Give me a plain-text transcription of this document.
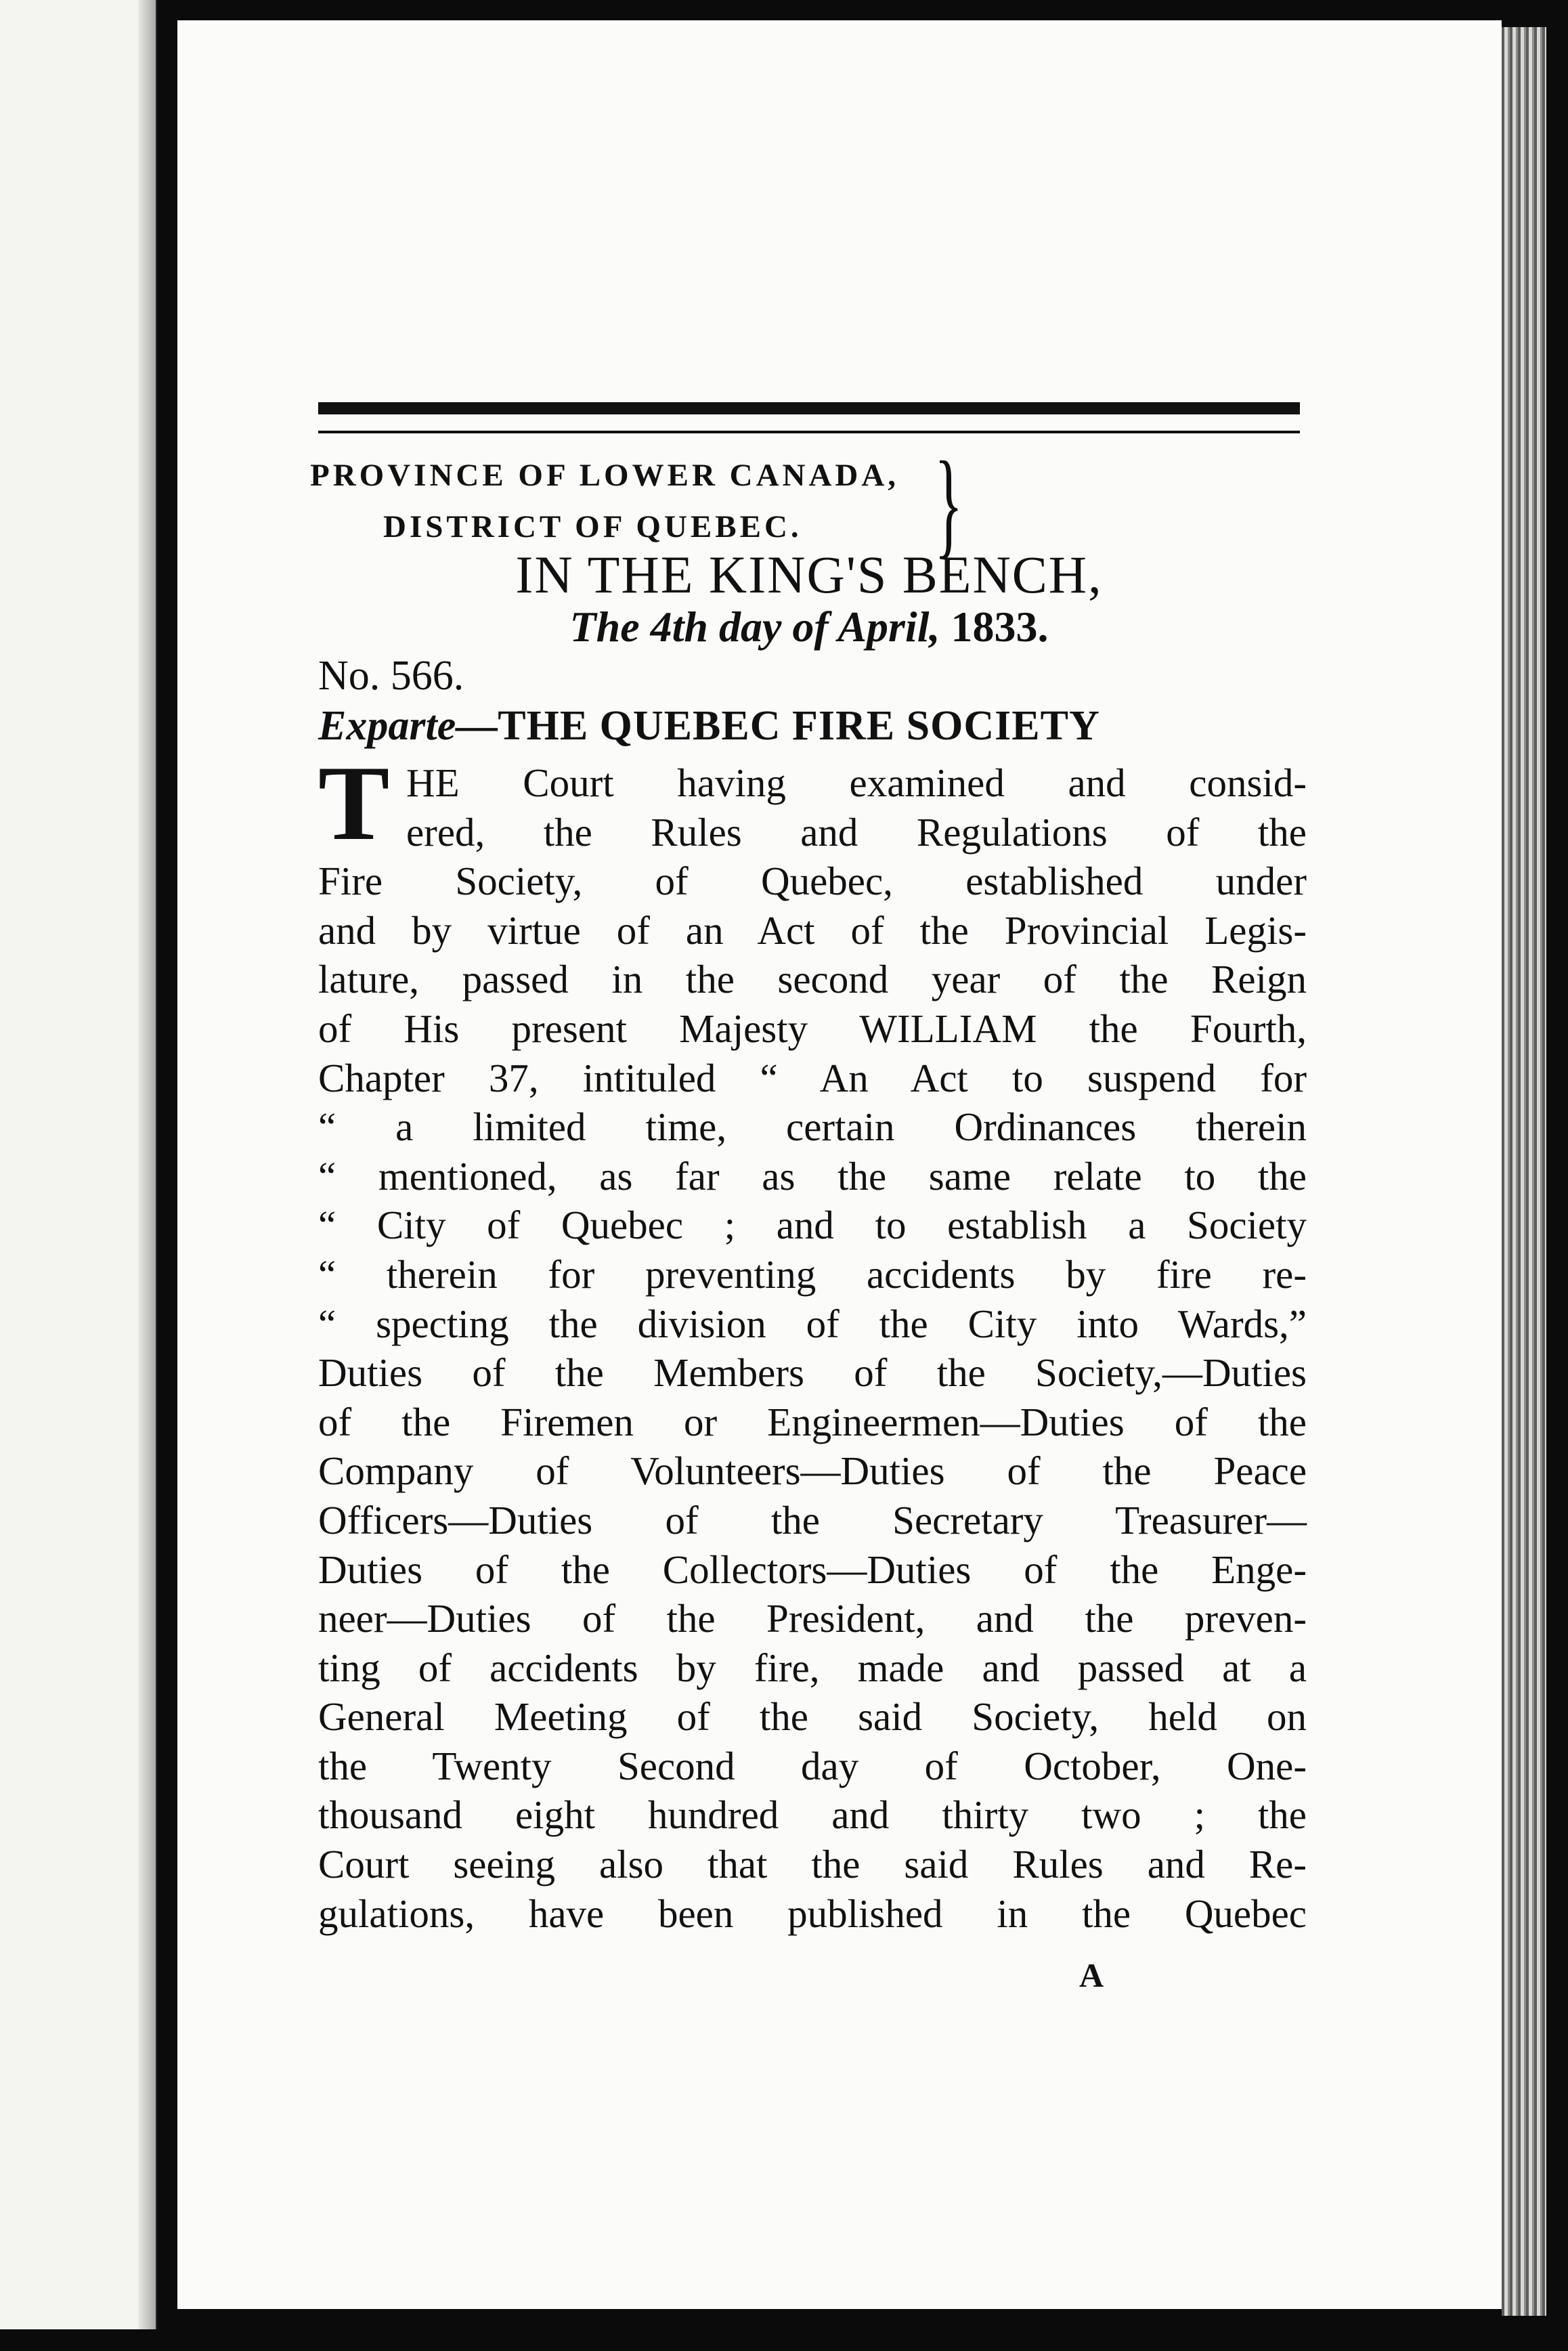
PROVINCE OF LOWER CANADA,
DISTRICT OF QUEBEC.	}
IN THE KING'S BENCH,
The 4th day of April, 1833.
No. 566.
Exparte—THE QUEBEC FIRE SOCIETY
T HE Court having examined and consid-
ered, the Rules and Regulations of the
Fire Society, of Quebec, established under
and by virtue of an Act of the Provincial Legis-
lature, passed in the second year of the Reign
of His present Majesty WILLIAM the Fourth,
Chapter 37, intituled “ An Act to suspend for
“ a limited time, certain Ordinances therein
“ mentioned, as far as the same relate to the
“ City of Quebec ; and to establish a Society
“ therein for preventing accidents by fire re-
“ specting the division of the City into Wards,”
Duties of the Members of the Society,—Duties
of the Firemen or Engineermen—Duties of the
Company of Volunteers—Duties of the Peace
Officers—Duties of the Secretary Treasurer—
Duties of the Collectors—Duties of the Enge-
neer—Duties of the President, and the preven-
ting of accidents by fire, made and passed at a
General Meeting of the said Society, held on
the Twenty Second day of October, One-
thousand eight hundred and thirty two ; the
Court seeing also that the said Rules and Re-
gulations, have been published in the Quebec
A
